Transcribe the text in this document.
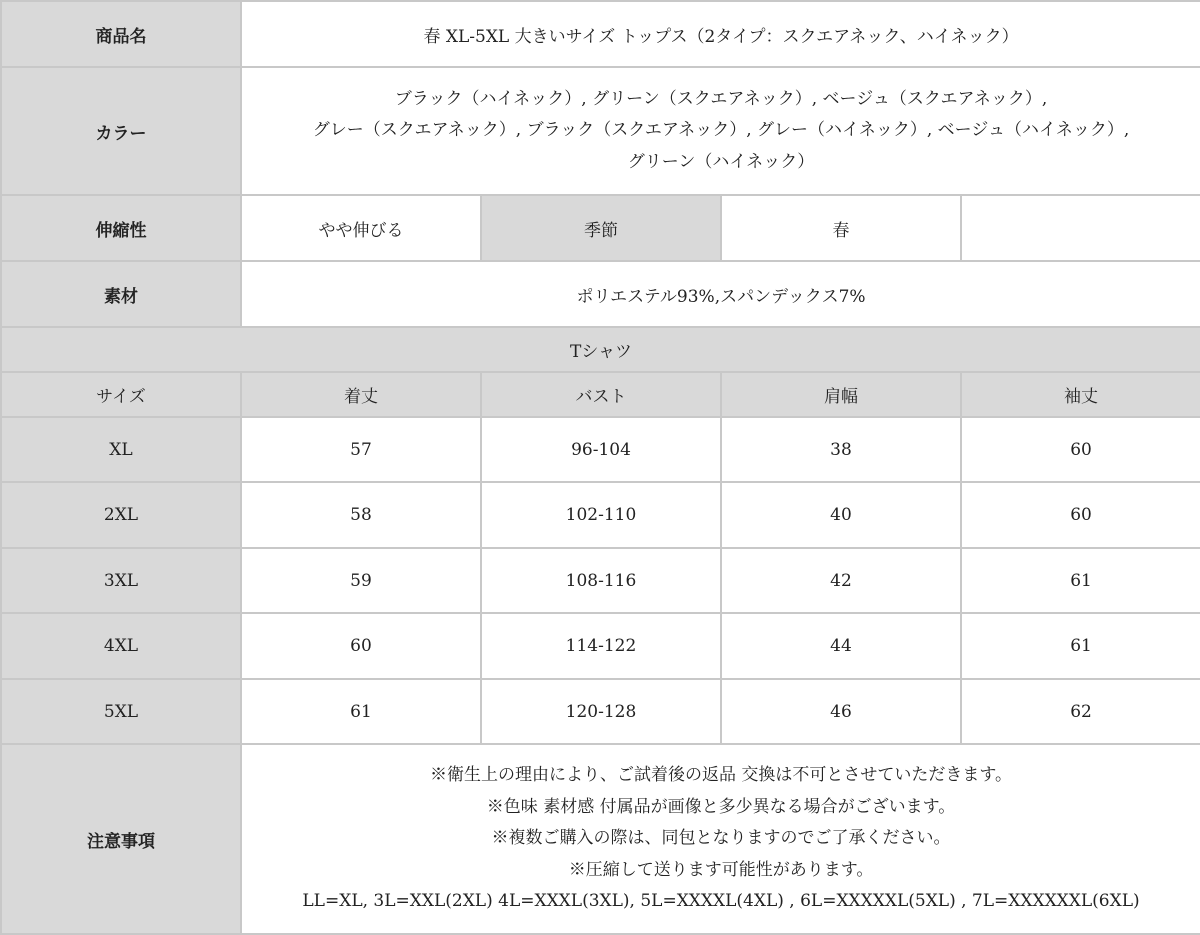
商品名	春 XL-5XL 大きいサイズ トップス（2タイプ：スクエアネック、ハイネック）			
カラー	ブラック（ハイネック）, グリーン（スクエアネック）, ベージュ（スクエアネック）,
グレー（スクエアネック）, ブラック（スクエアネック）, グレー（ハイネック）, ベージュ（ハイネック）,
グリーン（ハイネック）			

伸縮性	やや伸びる	季節	春	
素材	ポリエステル93%,スパンデックス7%			
Tシャツ				
サイズ	着丈	バスト	肩幅	袖丈
XL	57	96-104	38	60
2XL	58	102-110	40	60
3XL	59	108-116	42	61
4XL	60	114-122	44	61
5XL	61	120-128	46	62
注意事項	※衛生上の理由により、ご試着後の返品 交換は不可とさせていただきます。
※色味 素材感 付属品が画像と多少異なる場合がございます。
※複数ご購入の際は、同包となりますのでご了承ください。
※圧縮して送ります可能性があります。
LL=XL, 3L=XXL(2XL) 4L=XXXL(3XL), 5L=XXXXL(4XL) , 6L=XXXXXL(5XL) , 7L=XXXXXXL(6XL)			
